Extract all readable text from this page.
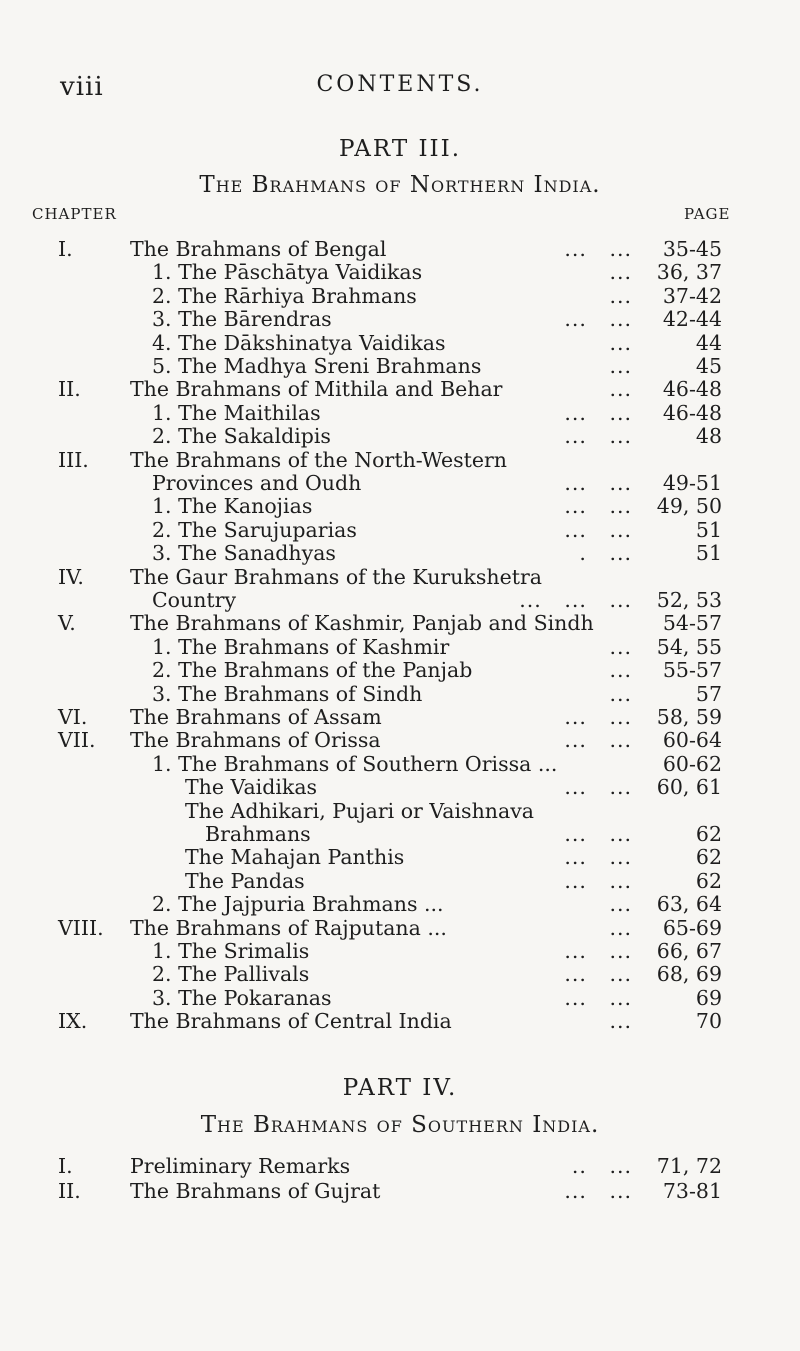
viii	CONTENTS.
PART III.
The Brahmans of Northern India.
CHAPTER	PAGE
I.	The Brahmans of Bengal	...   ... 35-45
1. The Pāschātya Vaidikas	... 36, 37
2. The Rārhiya Brahmans	... 37-42
3. The Bārendras	...   ... 42-44
4. The Dākshinatya Vaidikas	...	44
5. The Madhya Sreni Brahmans	...	45
II. The Brahmans of Mithila and Behar	... 46-48
1. The Maithilas	...   ... 46-48
2. The Sakaldipis	...   ...	48
III. The Brahmans of the North-Western
Provinces and Oudh	...   ... 49-51
1. The Kanojias	...   ... 49, 50
2. The Sarujuparias	...   ...	51
3. The Sanadhyas	.   ...	51
IV. The Gaur Brahmans of the Kurukshetra
Country	...   ...   ... 52, 53
V.	The Brahmans of Kashmir, Panjab and Sindh	54-57
1. The Brahmans of Kashmir	... 54, 55
2. The Brahmans of the Panjab	... 55-57
3. The Brahmans of Sindh	...	57
VI. The Brahmans of Assam	...   ... 58, 59
VII. The Brahmans of Orissa	...   ... 60-64
1. The Brahmans of Southern Orissa ...	60-62
The Vaidikas	...   ... 60, 61
The Adhikari, Pujari or Vaishnava
Brahmans	...   ...	62
The Mahajan Panthis	...   ...	62
The Pandas	...   ...	62
2. The Jajpuria Brahmans ...	... 63, 64
VIII. The Brahmans of Rajputana ...	... 65-69
1. The Srimalis	...   ... 66, 67
2. The Pallivals	...   ... 68, 69
3. The Pokaranas	...   ...	69
IX. The Brahmans of Central India	...	70
PART IV.
The Brahmans of Southern India.
I.	Preliminary Remarks	..   ... 71, 72
II. The Brahmans of Gujrat	...   ... 73-81
